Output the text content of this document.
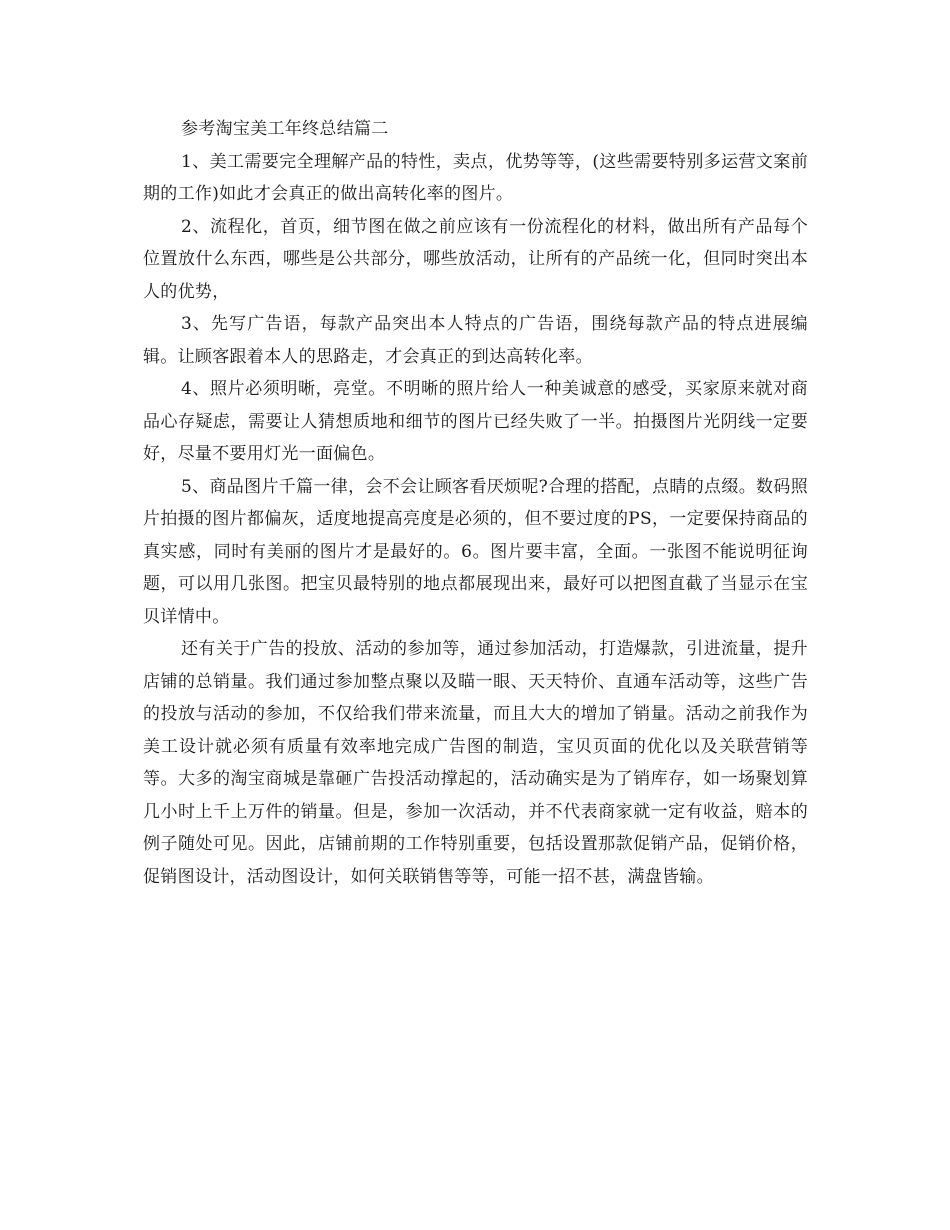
参考淘宝美工年终总结篇二

1、美工需要完全理解产品的特性，卖点，优势等等，(这些需要特别多运营文案前期的工作)如此才会真正的做出高转化率的图片。

2、流程化，首页，细节图在做之前应该有一份流程化的材料，做出所有产品每个位置放什么东西，哪些是公共部分，哪些放活动，让所有的产品统一化，但同时突出本人的优势，

3、先写广告语，每款产品突出本人特点的广告语，围绕每款产品的特点进展编辑。让顾客跟着本人的思路走，才会真正的到达高转化率。

4、照片必须明晰，亮堂。不明晰的照片给人一种美诚意的感受，买家原来就对商品心存疑虑，需要让人猜想质地和细节的图片已经失败了一半。拍摄图片光阴线一定要好，尽量不要用灯光一面偏色。

5、商品图片千篇一律，会不会让顾客看厌烦呢?合理的搭配，点睛的点缀。数码照片拍摄的图片都偏灰，适度地提高亮度是必须的，但不要过度的PS，一定要保持商品的真实感，同时有美丽的图片才是最好的。6。图片要丰富，全面。一张图不能说明征询题，可以用几张图。把宝贝最特别的地点都展现出来，最好可以把图直截了当显示在宝贝详情中。

还有关于广告的投放、活动的参加等，通过参加活动，打造爆款，引进流量，提升店铺的总销量。我们通过参加整点聚以及瞄一眼、天天特价、直通车活动等，这些广告的投放与活动的参加，不仅给我们带来流量，而且大大的增加了销量。活动之前我作为美工设计就必须有质量有效率地完成广告图的制造，宝贝页面的优化以及关联营销等等。大多的淘宝商城是靠砸广告投活动撑起的，活动确实是为了销库存，如一场聚划算几小时上千上万件的销量。但是，参加一次活动，并不代表商家就一定有收益，赔本的例子随处可见。因此，店铺前期的工作特别重要，包括设置那款促销产品，促销价格，促销图设计，活动图设计，如何关联销售等等，可能一招不甚，满盘皆输。
